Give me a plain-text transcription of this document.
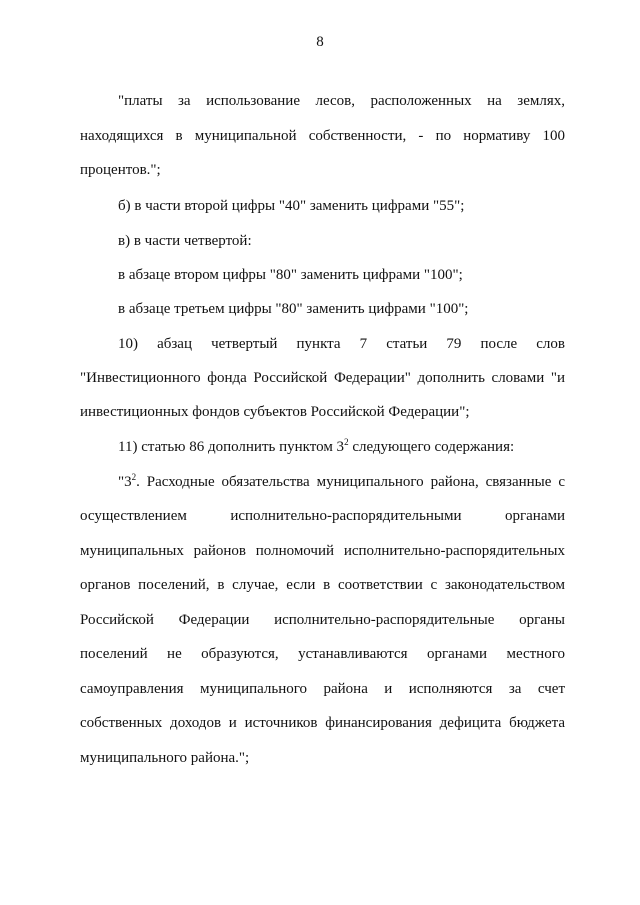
8
"платы за использование лесов, расположенных на землях,
находящихся в муниципальной собственности, - по нормативу 100
процентов.";
б) в части второй цифры "40" заменить цифрами "55";
в) в части четвертой:
в абзаце втором цифры "80" заменить цифрами "100";
в абзаце третьем цифры "80" заменить цифрами "100";
10) абзац четвертый пункта 7 статьи 79 после слов
"Инвестиционного фонда Российской Федерации" дополнить словами "и
инвестиционных фондов субъектов Российской Федерации";
11) статью 86 дополнить пунктом $3^2$ следующего содержания:
"$3^2$. Расходные обязательства муниципального района, связанные с
осуществлением исполнительно-распорядительными органами
муниципальных районов полномочий исполнительно-распорядительных
органов поселений, в случае, если в соответствии с законодательством
Российской Федерации исполнительно-распорядительные органы
поселений не образуются, устанавливаются органами местного
самоуправления муниципального района и исполняются за счет
собственных доходов и источников финансирования дефицита бюджета
муниципального района.";
